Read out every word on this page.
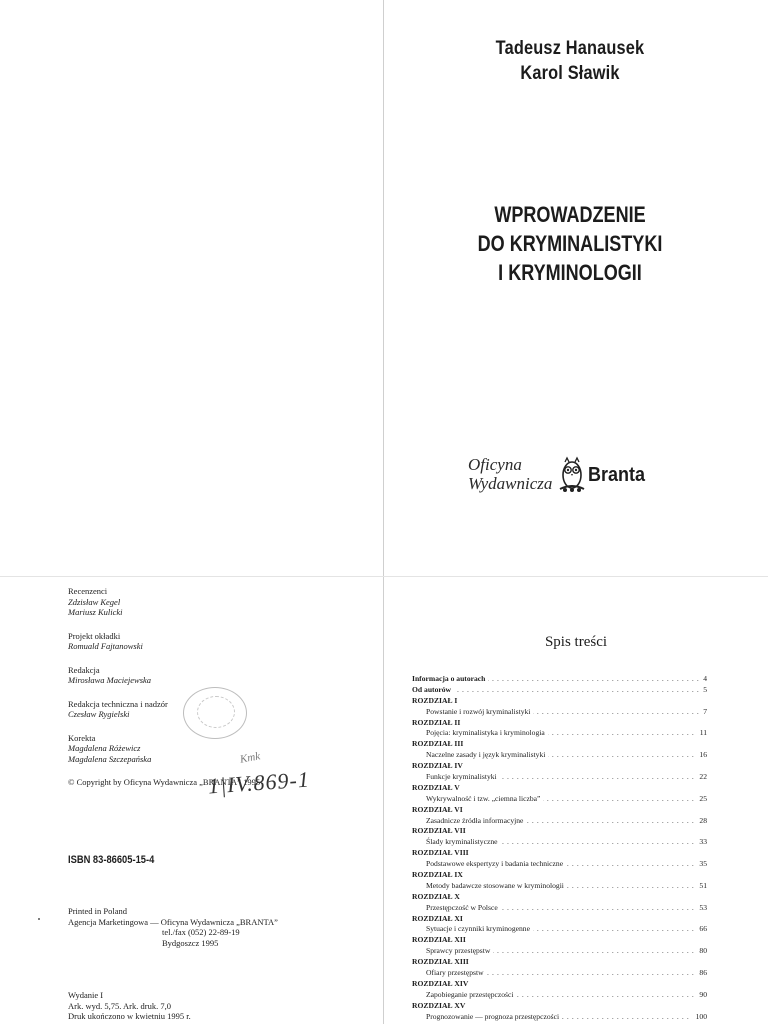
Tadeusz Hanausek
Karol Sławik
WPROWADZENIE
DO KRYMINALISTYKI
I KRYMINOLOGII
Oficyna
Wydawnicza Branta
Recenzenci
Zdzisław Kegel
Mariusz Kulicki
Projekt okładki
Romuald Fajtanowski
Redakcja
Mirosława Maciejewska
Redakcja techniczna i nadzór
Czesław Rygielski
Korekta
Magdalena Różewicz
Magdalena Szczepańska
© Copyright by Oficyna Wydawnicza „BRANTA” 1995
Kmk
1|IV.869-1
ISBN 83-86605-15-4
Printed in Poland
Agencja Marketingowa — Oficyna Wydawnicza „BRANTA”
tel./fax (052) 22-89-19
Bydgoszcz 1995
Wydanie I
Ark. wyd. 5,75. Ark. druk. 7,0
Druk ukończono w kwietniu 1995 r.
Spis treści
Informacja o autorach	4
. . .
Od autorów	5
. . .
ROZDZIAŁ I
Powstanie i rozwój kryminalistyki	7
. . .
ROZDZIAŁ II
Pojęcia: kryminalistyka i kryminologia	11
. . .
ROZDZIAŁ III
Naczelne zasady i język kryminalistyki	16
. . .
ROZDZIAŁ IV
Funkcje kryminalistyki	22
. . .
ROZDZIAŁ V
Wykrywalność i tzw. „ciemna liczba”	25
. . .
ROZDZIAŁ VI
Zasadnicze źródła informacyjne	28
. . .
ROZDZIAŁ VII
Ślady kryminalistyczne	33
. . .
ROZDZIAŁ VIII
Podstawowe ekspertyzy i badania techniczne	35
. . .
ROZDZIAŁ IX
Metody badawcze stosowane w kryminologii	51
. . .
ROZDZIAŁ X
Przestępczość w Polsce	53
. . .
ROZDZIAŁ XI
Sytuacje i czynniki kryminogenne	66
. . .
ROZDZIAŁ XII
Sprawcy przestępstw	80
. . .
ROZDZIAŁ XIII
Ofiary przestępstw	86
. . .
ROZDZIAŁ XIV
Zapobieganie przestępczości	90
. . .
ROZDZIAŁ XV
Prognozowanie — prognoza przestępczości	100
. . .
